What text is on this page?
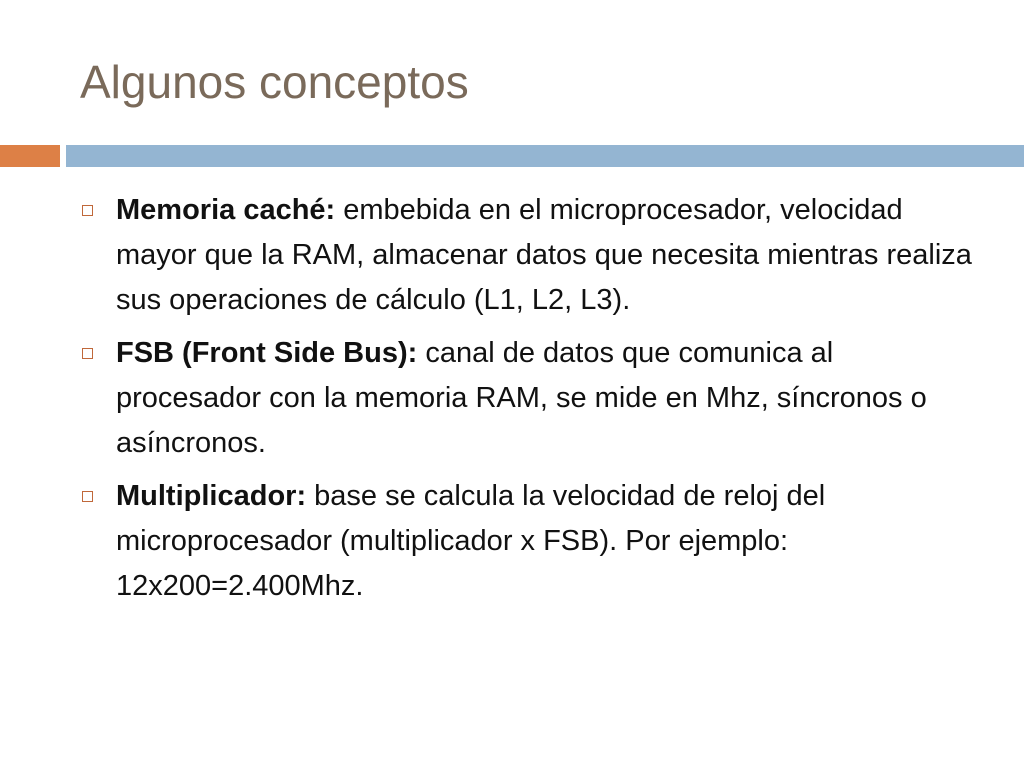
Algunos conceptos
Memoria caché: embebida en el microprocesador, velocidad mayor que la RAM, almacenar datos que necesita mientras realiza sus operaciones de cálculo (L1, L2, L3).
FSB (Front Side Bus): canal de datos que comunica al procesador con la memoria RAM, se mide en Mhz, síncronos o asíncronos.
Multiplicador: base se calcula la velocidad de reloj del microprocesador (multiplicador x FSB). Por ejemplo: 12x200=2.400Mhz.
